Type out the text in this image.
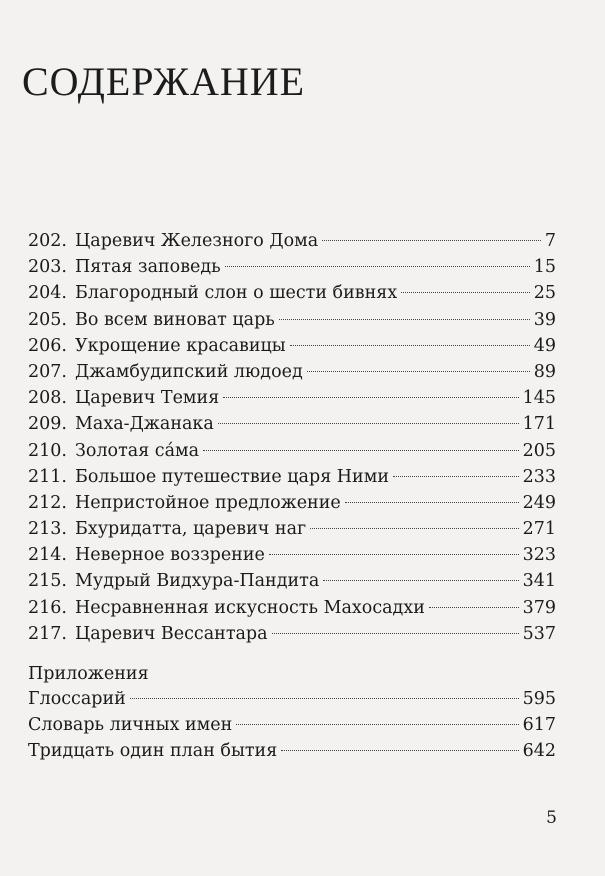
СОДЕРЖАНИЕ
202. Царевич Железного Дома	7
203. Пятая заповедь	15
204. Благородный слон о шести бивнях	25
205. Во всем виноват царь	39
206. Укрощение красавицы	49
207. Джамбудипский людоед	89
208. Царевич Темия	145
209. Маха-Джанака	171
210. Золотая са́ма	205
211. Большое путешествие царя Ними	233
212. Непристойное предложение	249
213. Бхуридатта, царевич наг	271
214. Неверное воззрение	323
215. Мудрый Видхура-Пандита	341
216. Несравненная искусность Махосадхи	379
217. Царевич Вессантара	537
Приложения
Глоссарий	595
Словарь личных имен	617
Тридцать один план бытия	642
5
